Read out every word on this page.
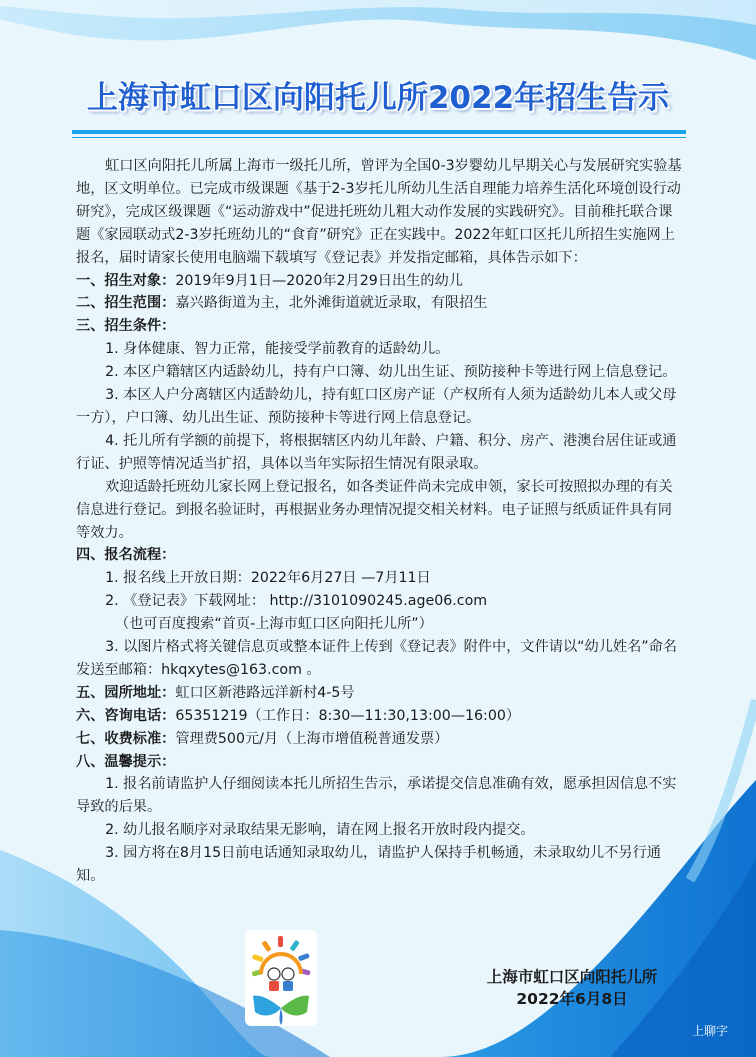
上海市虹口区向阳托儿所2022年招生告示

虹口区向阳托儿所属上海市一级托儿所，曾评为全国0-3岁婴幼儿早期关心与发展研究实验基地，区文明单位。已完成市级课题《基于2-3岁托儿所幼儿生活自理能力培养生活化环境创设行动研究》，完成区级课题《“运动游戏中”促进托班幼儿粗大动作发展的实践研究》。目前稚托联合课题《家园联动式2-3岁托班幼儿的“食育”研究》正在实践中。2022年虹口区托儿所招生实施网上报名，届时请家长使用电脑端下载填写《登记表》并发指定邮箱，具体告示如下：

一、招生对象：2019年9月1日—2020年2月29日出生的幼儿

二、招生范围：嘉兴路街道为主，北外滩街道就近录取，有限招生

三、招生条件：

1. 身体健康、智力正常，能接受学前教育的适龄幼儿。

2. 本区户籍辖区内适龄幼儿，持有户口簿、幼儿出生证、预防接种卡等进行网上信息登记。

3. 本区人户分离辖区内适龄幼儿，持有虹口区房产证（产权所有人须为适龄幼儿本人或父母一方），户口簿、幼儿出生证、预防接种卡等进行网上信息登记。

4. 托儿所有学额的前提下，将根据辖区内幼儿年龄、户籍、积分、房产、港澳台居住证或通行证、护照等情况适当扩招，具体以当年实际招生情况有限录取。

欢迎适龄托班幼儿家长网上登记报名，如各类证件尚未完成申领，家长可按照拟办理的有关信息进行登记。到报名验证时，再根据业务办理情况提交相关材料。电子证照与纸质证件具有同等效力。

四、报名流程：

1. 报名线上开放日期：2022年6月27日 —7月11日

2. 《登记表》下载网址： http://3101090245.age06.com

（也可百度搜索“首页-上海市虹口区向阳托儿所”）

3. 以图片格式将关键信息页或整本证件上传到《登记表》附件中，文件请以“幼儿姓名”命名发送至邮箱：hkqxytes@163.com 。

五、园所地址：虹口区新港路远洋新村4-5号

六、咨询电话：65351219（工作日：8:30—11:30,13:00—16:00）

七、收费标准：管理费500元/月（上海市增值税普通发票）

八、温馨提示：

1. 报名前请监护人仔细阅读本托儿所招生告示，承诺提交信息准确有效，愿承担因信息不实导致的后果。

2. 幼儿报名顺序对录取结果无影响，请在网上报名开放时段内提交。

3. 园方将在8月15日前电话通知录取幼儿，请监护人保持手机畅通，未录取幼儿不另行通知。

上海市虹口区向阳托儿所
2022年6月8日
上聊字
